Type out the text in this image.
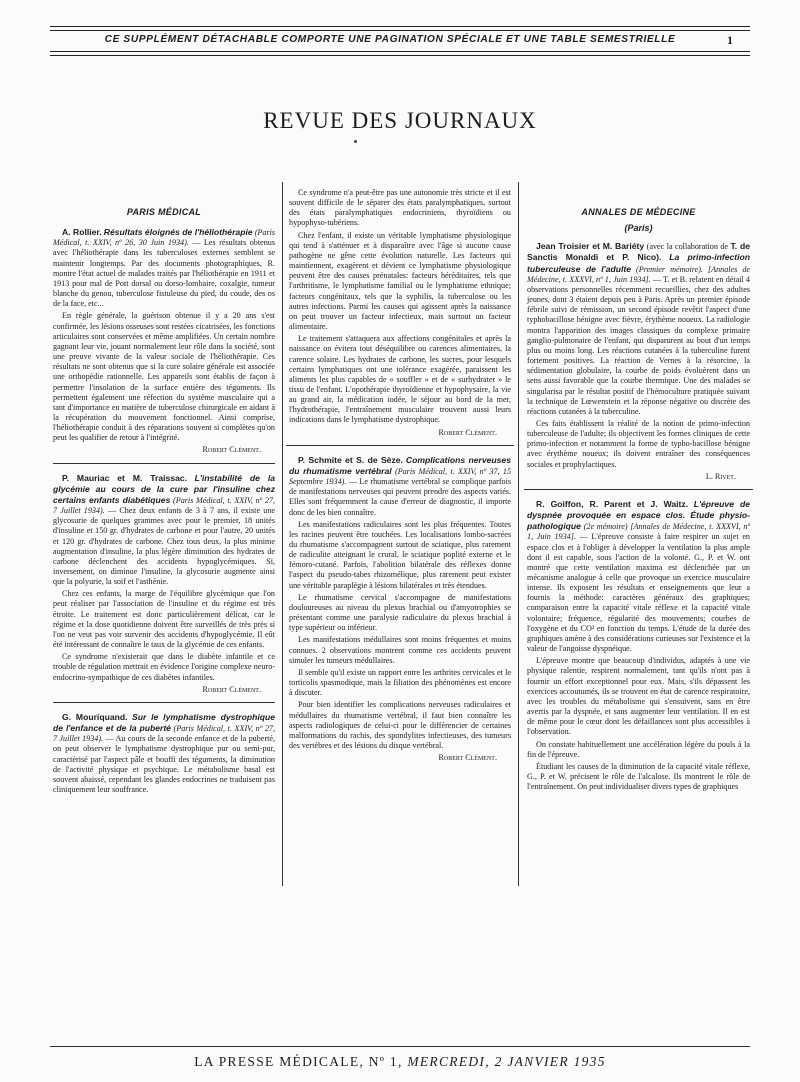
CE SUPPLÉMENT DÉTACHABLE COMPORTE UNE PAGINATION SPÉCIALE ET UNE TABLE SEMESTRIELLE	1
REVUE DES JOURNAUX
PARIS MÉDICAL

A. Rollier. Résultats éloignés de l'héliothérapie (Paris Médical, t. XXIV, nº 26, 30 Juin 1934). — Les résultats obtenus avec l'héliothérapie dans les tuberculoses externes semblent se maintenir longtemps. Par des documents photographiques, R. montre l'état actuel de malades traités par l'héliothérapie en 1911 et 1913 pour mal de Pott dorsal ou dorso-lombaire, coxalgie, tumeur blanche du genou, tuberculose fistuleuse du pied, du coude, des os de la face, etc...

En règle générale, la guérison obtenue il y a 20 ans s'est confirmée, les lésions osseuses sont restées cicatrisées, les fonctions articulaires sont conservées et même amplifiées. Un certain nombre gagnant leur vie, jouant normalement leur rôle dans la société, sont une preuve vivante de la valeur sociale de l'héliothérapie. Ces résultats ne sont obtenus que si la cure solaire générale est associée une orthopédie rationnelle. Les appareils sont établis de façon à permettre l'insolation de la surface entière des téguments. Ils permettent également une réfection du système musculaire qui a tant d'importance en matière de tuberculose chirurgicale en aidant à la récupération du mouvement fonctionnel. Ainsi comprise, l'héliothérapie conduit à des réparations souvent si complètes qu'on peut les qualifier de retour à l'intégrité.

Robert Clément.

P. Mauriac et M. Traissac. L'instabilité de la glycémie au cours de la cure par l'insuline chez certains enfants diabétiques (Paris Médical, t. XXIV, nº 27, 7 Juillet 1934). — Chez deux enfants de 3 à 7 ans, il existe une glycosurie de quelques grammes avec pour le premier, 18 unités d'insuline et 150 gr. d'hydrates de carbone et pour l'autre, 20 unités et 120 gr. d'hydrates de carbone. Chez tous deux, la plus minime augmentation d'insuline, la plus légère diminution des hydrates de carbone déclenchent des accidents hypoglycémiques. Si, inversement, on diminue l'insuline, la glycosurie augmente ainsi que la polyurie, la soif et l'asthénie.

Chez ces enfants, la marge de l'équilibre glycémique que l'on peut réaliser par l'association de l'insuline et du régime est très étroite. Le traitement est donc particulièrement délicat, car le régime et la dose quotidienne doivent être surveillés de très près si l'on ne veut pas voir survenir des accidents d'hypoglycémie. Il eût été intéressant de connaître le taux de la glycémie de ces enfants.

Ce syndrome n'existerait que dans le diabète infantile et ce trouble de régulation mettrait en évidence l'origine complexe neuro-endocrino-sympathique de ces diabètes infantiles.

Robert Clément.

G. Mouriquand. Sur le lymphatisme dystrophique de l'enfance et de la puberté (Paris Médical, t. XXIV, nº 27, 7 Juillet 1934). — Au cours de la seconde enfance et de la puberté, on peut observer le lymphatisme dystrophique pur ou semi-pur, caractérisé par l'aspect pâle et bouffi des téguments, la diminution de l'activité physique et psychique. Le métabolisme basal est souvent abaissé, cependant les glandes endocrines ne traduisent pas cliniquement leur souffrance.

Ce syndrome n'a peut-être pas une autonomie très stricte et il est souvent difficile de le séparer des états paralymphatiques, surtout des états paralymphatiques endocriniens, thyroïdiens ou hypophyso-tubériens.

Chez l'enfant, il existe un véritable lymphatisme physiologique qui tend à s'atténuer et à disparaître avec l'âge si aucune cause pathogène ne gêne cette évolution naturelle. Les facteurs qui maintiennent, exagèrent et dévient ce lymphatisme physiologique peuvent être des causes prénatales: facteurs héréditaires, tels que l'arthritisme, le lymphatisme familial ou le lymphatisme ethnique; facteurs congénitaux, tels que la syphilis, la tuberculose ou les autres infections. Parmi les causes qui agissent après la naissance on peut trouver un facteur infectieux, mais surtout un facteur alimentaire.

Le traitement s'attaquera aux affections congénitales et après la naissance on évitera tout déséquilibre ou carences alimentaires, la carence solaire. Les hydrates de carbone, les sucres, pour lesquels certains lymphatiques ont une tolérance exagérée, paraissent les aliments les plus capables de « souffler » et de « surhydrater » le tissu de l'enfant. L'opothérapie thyroïdienne et hypophysaire, la vie au grand air, la médication iodée, le séjour au bord de la mer, l'hydrothérapie, l'entraînement musculaire trouvent aussi leurs indications dans le lymphatisme dystrophique.

Robert Clément.

P. Schmite et S. de Sèze. Complications nerveuses du rhumatisme vertébral (Paris Médical, t. XXIV, nº 37, 15 Septembre 1934). — Le rhumatisme vertébral se complique parfois de manifestations nerveuses qui peuvent prendre des aspects variés. Elles sont fréquemment la cause d'erreur de diagnostic, il importe donc de les bien connaître.

Les manifestations radiculaires sont les plus fréquentes. Toutes les racines peuvent être touchées. Les localisations lombo-sacrées du rhumatisme s'accompagnent surtout de sciatique, plus rarement de radiculite atteignant le crural, le sciatique poplité externe et le fémoro-cutané. Parfois, l'abolition bilatérale des réflexes donne l'aspect du pseudo-tabes rhizomélique, plus rarement peut exister une véritable paraplégie à lésions bilatérales et très étendues.

Le rhumatisme cervical s'accompagne de manifestations douloureuses au niveau du plexus brachial ou d'amyotrophies se présentant comme une paralysie radiculaire du plexus brachial à type supérieur ou inférieur.

Les manifestations médullaires sont moins fréquentes et moins connues. 2 observations montrent comme ces accidents peuvent simuler les tumeurs médullaires.

Il semble qu'il existe un rapport entre les arthrites cervicales et le torticolis spasmodique, mais la filiation des phénomènes est encore à discuter.

Pour bien identifier les complications nerveuses radiculaires et médullaires du rhumatisme vertébral, il faut bien connaître les aspects radiologiques de celui-ci pour le différencier de certaines malformations du rachis, des spondylites infectieuses, des tumeurs des vertèbres et des lésions du disque vertébral.

Robert Clément.

ANNALES DE MÉDECINE
(Paris)

Jean Troisier et M. Bariéty (avec la collaboration de T. de Sanctis Monaldi et P. Nico). La primo-infection tuberculeuse de l'adulte (Premier mémoire). [Annales de Médecine, t. XXXVI, nº 1, Juin 1934]. — T. et B. relatent en détail 4 observations personnelles récemment recueillies, chez des adultes jeunes, dont 3 étaient depuis peu à Paris. Après un premier épisode fébrile suivi de rémission, un second épisode revêtit l'aspect d'une typhobacillose bénigne avec fièvre, érythème noueux. La radiologie montra l'apparition des images classiques du complexe primaire ganglio-pulmonaire de l'enfant, qui disparurent au bout d'un temps plus ou moins long. Les réactions cutanées à la tuberculine furent fortement positives. La réaction de Vernes à la résorcine, la sédimentation globulaire, la courbe de poids évoluèrent dans un sens aussi favorable que la courbe thermique. Une des malades se singularisa par le résultat positif de l'hémoculture pratiquée suivant la technique de Lœwenstein et la réponse négative ou discrète des réactions cutanées à la tuberculine.

Ces faits établissent la réalité de la notion de primo-infection tuberculeuse de l'adulte; ils objectivent les formes cliniques de cette primo-infection et notamment la forme de typho-bacillose bénigne avec érythème noueux; ils doivent entraîner des conséquences sociales et prophylactiques.

L. Rivet.

R. Goiffon, R. Parent et J. Waitz. L'épreuve de dyspnée provoquée en espace clos. Étude physio-pathologique (2e mémoire) [Annales de Médecine, t. XXXVI, nº 1, Juin 1934]. — L'épreuve consiste à faire respirer un sujet en espace clos et à l'obliger à développer la ventilation la plus ample dont il est capable, sous l'action de la volonté. G., P. et W. ont montré que cette ventilation maxima est déclenchée par un mécanisme analogue à celle que provoque un exercice musculaire intense. Ils exposent les résultats et enseignements que leur a fournis la méthode: caractères généraux des graphiques; comparaison entre la capacité vitale réflexe et la capacité vitale volontaire; fréquence, régularité des mouvements; courbes de l'oxygène et du CO² en fonction du temps. L'étude de la durée des graphiques amène à des considérations curieuses sur l'existence et la valeur de l'angoisse dyspnéique.

L'épreuve montre que beaucoup d'individus, adaptés à une vie physique ralentie, respirent normalement, tant qu'ils n'ont pas à fournir un effort exceptionnel pour eux. Mais, s'ils dépassent les exercices accoutumés, ils se trouvent en état de carence respiratoire, avec les troubles du métabolisme qui s'ensuivent, sans en être avertis par la dyspnée, et sans augmenter leur ventilation. Il en est de même pour le cœur dont les défaillances sont plus accessibles à l'observation.

On constate habituellement une accélération légère du pouls à la fin de l'épreuve.

Étudiant les causes de la diminution de la capacité vitale réflexe, G., P. et W. précisent le rôle de l'alcalose. Ils montrent le rôle de l'entraînement. On peut individualiser divers types de graphiques

LA PRESSE MÉDICALE, Nº 1, MERCREDI, 2 JANVIER 1935
